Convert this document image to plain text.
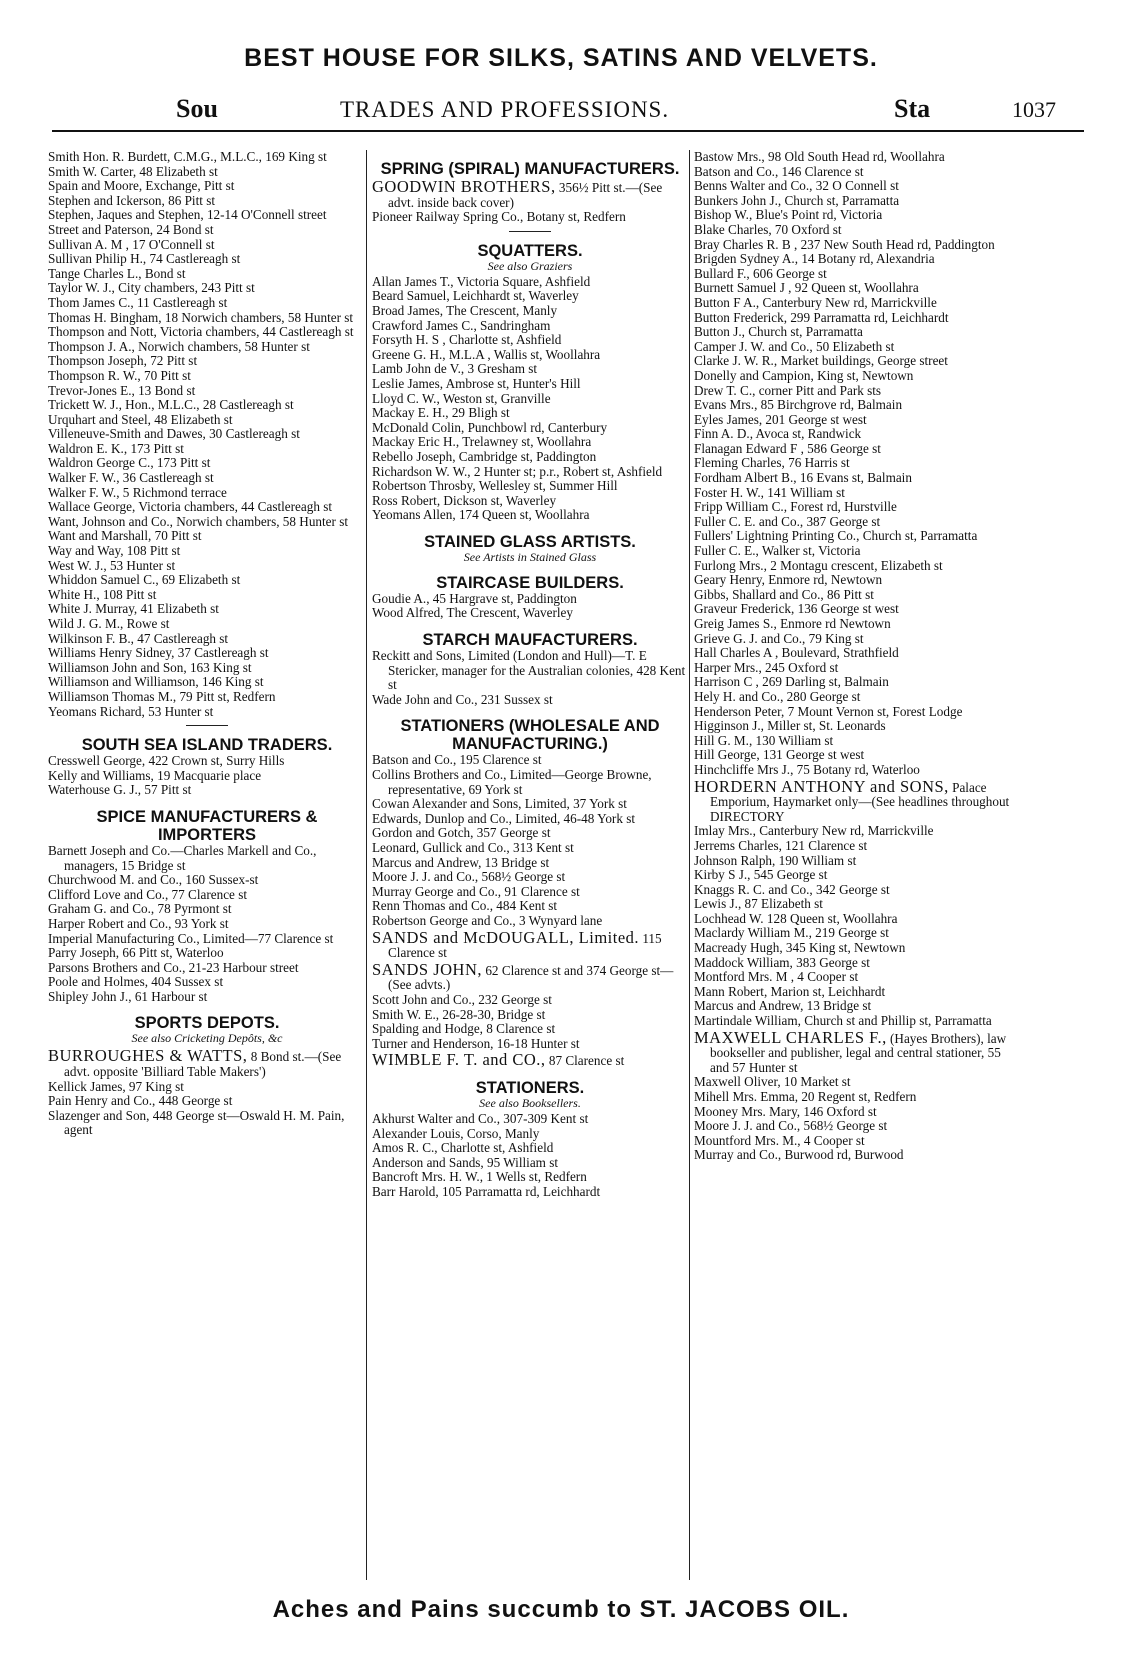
BEST HOUSE FOR SILKS, SATINS AND VELVETS.
Sou	TRADES AND PROFESSIONS.	Sta	1037
Smith Hon. R. Burdett, C.M.G., M.L.C., 169 King st
Smith W. Carter, 48 Elizabeth st
Spain and Moore, Exchange, Pitt st
Stephen and Ickerson, 86 Pitt st
Stephen, Jaques and Stephen, 12-14 O'Connell street
Street and Paterson, 24 Bond st
Sullivan A. M , 17 O'Connell st
Sullivan Philip H., 74 Castlereagh st
Tange Charles L., Bond st
Taylor W. J., City chambers, 243 Pitt st
Thom James C., 11 Castlereagh st
Thomas H. Bingham, 18 Norwich chambers, 58 Hunter st
Thompson and Nott, Victoria chambers, 44 Castlereagh st
Thompson J. A., Norwich chambers, 58 Hunter st
Thompson Joseph, 72 Pitt st
Thompson R. W., 70 Pitt st
Trevor-Jones E., 13 Bond st
Trickett W. J., Hon., M.L.C., 28 Castlereagh st
Urquhart and Steel, 48 Elizabeth st
Villeneuve-Smith and Dawes, 30 Castlereagh st
Waldron E. K., 173 Pitt st
Waldron George C., 173 Pitt st
Walker F. W., 36 Castlereagh st
Walker F. W., 5 Richmond terrace
Wallace George, Victoria chambers, 44 Castlereagh st
Want, Johnson and Co., Norwich chambers, 58 Hunter st
Want and Marshall, 70 Pitt st
Way and Way, 108 Pitt st
West W. J., 53 Hunter st
Whiddon Samuel C., 69 Elizabeth st
White H., 108 Pitt st
White J. Murray, 41 Elizabeth st
Wild J. G. M., Rowe st
Wilkinson F. B., 47 Castlereagh st
Williams Henry Sidney, 37 Castlereagh st
Williamson John and Son, 163 King st
Williamson and Williamson, 146 King st
Williamson Thomas M., 79 Pitt st, Redfern
Yeomans Richard, 53 Hunter st
SOUTH SEA ISLAND TRADERS.
Cresswell George, 422 Crown st, Surry Hills
Kelly and Williams, 19 Macquarie place
Waterhouse G. J., 57 Pitt st
SPICE MANUFACTURERS & IMPORTERS
Barnett Joseph and Co.—Charles Markell and Co., managers, 15 Bridge st
Churchwood M. and Co., 160 Sussex-st
Clifford Love and Co., 77 Clarence st
Graham G. and Co., 78 Pyrmont st
Harper Robert and Co., 93 York st
Imperial Manufacturing Co., Limited—77 Clarence st
Parry Joseph, 66 Pitt st, Waterloo
Parsons Brothers and Co., 21-23 Harbour street
Poole and Holmes, 404 Sussex st
Shipley John J., 61 Harbour st
SPORTS DEPOTS.
See also Cricketing Depôts, &c
BURROUGHES & WATTS, 8 Bond st.—(See advt. opposite 'Billiard Table Makers')
Kellick James, 97 King st
Pain Henry and Co., 448 George st
Slazenger and Son, 448 George st—Oswald H. M. Pain, agent
SPRING (SPIRAL) MANUFACTURERS.
GOODWIN BROTHERS, 356½ Pitt st.—(See advt. inside back cover)
Pioneer Railway Spring Co., Botany st, Redfern
SQUATTERS.
See also Graziers
Allan James T., Victoria Square, Ashfield
Beard Samuel, Leichhardt st, Waverley
Broad James, The Crescent, Manly
Crawford James C., Sandringham
Forsyth H. S , Charlotte st, Ashfield
Greene G. H., M.L.A , Wallis st, Woollahra
Lamb John de V., 3 Gresham st
Leslie James, Ambrose st, Hunter's Hill
Lloyd C. W., Weston st, Granville
Mackay E. H., 29 Bligh st
McDonald Colin, Punchbowl rd, Canterbury
Mackay Eric H., Trelawney st, Woollahra
Rebello Joseph, Cambridge st, Paddington
Richardson W. W., 2 Hunter st; p.r., Robert st, Ashfield
Robertson Throsby, Wellesley st, Summer Hill
Ross Robert, Dickson st, Waverley
Yeomans Allen, 174 Queen st, Woollahra
STAINED GLASS ARTISTS.
See Artists in Stained Glass
STAIRCASE BUILDERS.
Goudie A., 45 Hargrave st, Paddington
Wood Alfred, The Crescent, Waverley
STARCH MAUFACTURERS.
Reckitt and Sons, Limited (London and Hull)—T. E Stericker, manager for the Australian colonies, 428 Kent st
Wade John and Co., 231 Sussex st
STATIONERS (WHOLESALE AND MANUFACTURING.)
Batson and Co., 195 Clarence st
Collins Brothers and Co., Limited—George Browne, representative, 69 York st
Cowan Alexander and Sons, Limited, 37 York st
Edwards, Dunlop and Co., Limited, 46-48 York st
Gordon and Gotch, 357 George st
Leonard, Gullick and Co., 313 Kent st
Marcus and Andrew, 13 Bridge st
Moore J. J. and Co., 568½ George st
Murray George and Co., 91 Clarence st
Renn Thomas and Co., 484 Kent st
Robertson George and Co., 3 Wynyard lane
SANDS and McDOUGALL, Limited. 115 Clarence st
SANDS JOHN, 62 Clarence st and 374 George st—(See advts.)
Scott John and Co., 232 George st
Smith W. E., 26-28-30, Bridge st
Spalding and Hodge, 8 Clarence st
Turner and Henderson, 16-18 Hunter st
WIMBLE F. T. and CO., 87 Clarence st
STATIONERS.
See also Booksellers.
Akhurst Walter and Co., 307-309 Kent st
Alexander Louis, Corso, Manly
Amos R. C., Charlotte st, Ashfield
Anderson and Sands, 95 William st
Bancroft Mrs. H. W., 1 Wells st, Redfern
Barr Harold, 105 Parramatta rd, Leichhardt
Bastow Mrs., 98 Old South Head rd, Woollahra
Batson and Co., 146 Clarence st
Benns Walter and Co., 32 O Connell st
Bunkers John J., Church st, Parramatta
Bishop W., Blue's Point rd, Victoria
Blake Charles, 70 Oxford st
Bray Charles R. B , 237 New South Head rd, Paddington
Brigden Sydney A., 14 Botany rd, Alexandria
Bullard F., 606 George st
Burnett Samuel J , 92 Queen st, Woollahra
Button F A., Canterbury New rd, Marrickville
Button Frederick, 299 Parramatta rd, Leichhardt
Button J., Church st, Parramatta
Camper J. W. and Co., 50 Elizabeth st
Clarke J. W. R., Market buildings, George street
Donelly and Campion, King st, Newtown
Drew T. C., corner Pitt and Park sts
Evans Mrs., 85 Birchgrove rd, Balmain
Eyles James, 201 George st west
Finn A. D., Avoca st, Randwick
Flanagan Edward F , 586 George st
Fleming Charles, 76 Harris st
Fordham Albert B., 16 Evans st, Balmain
Foster H. W., 141 William st
Fripp William C., Forest rd, Hurstville
Fuller C. E. and Co., 387 George st
Fullers' Lightning Printing Co., Church st, Parramatta
Fuller C. E., Walker st, Victoria
Furlong Mrs., 2 Montagu crescent, Elizabeth st
Geary Henry, Enmore rd, Newtown
Gibbs, Shallard and Co., 86 Pitt st
Graveur Frederick, 136 George st west
Greig James S., Enmore rd Newtown
Grieve G. J. and Co., 79 King st
Hall Charles A , Boulevard, Strathfield
Harper Mrs., 245 Oxford st
Harrison C , 269 Darling st, Balmain
Hely H. and Co., 280 George st
Henderson Peter, 7 Mount Vernon st, Forest Lodge
Higginson J., Miller st, St. Leonards
Hill G. M., 130 William st
Hill George, 131 George st west
Hinchcliffe Mrs J., 75 Botany rd, Waterloo
HORDERN ANTHONY and SONS, Palace Emporium, Haymarket only—(See headlines throughout DIRECTORY
Imlay Mrs., Canterbury New rd, Marrickville
Jerrems Charles, 121 Clarence st
Johnson Ralph, 190 William st
Kirby S J., 545 George st
Knaggs R. C. and Co., 342 George st
Lewis J., 87 Elizabeth st
Lochhead W. 128 Queen st, Woollahra
Maclardy William M., 219 George st
Macready Hugh, 345 King st, Newtown
Maddock William, 383 George st
Montford Mrs. M , 4 Cooper st
Mann Robert, Marion st, Leichhardt
Marcus and Andrew, 13 Bridge st
Martindale William, Church st and Phillip st, Parramatta
MAXWELL CHARLES F., (Hayes Brothers), law bookseller and publisher, legal and central stationer, 55 and 57 Hunter st
Maxwell Oliver, 10 Market st
Mihell Mrs. Emma, 20 Regent st, Redfern
Mooney Mrs. Mary, 146 Oxford st
Moore J. J. and Co., 568½ George st
Mountford Mrs. M., 4 Cooper st
Murray and Co., Burwood rd, Burwood
Aches and Pains succumb to ST. JACOBS OIL.
